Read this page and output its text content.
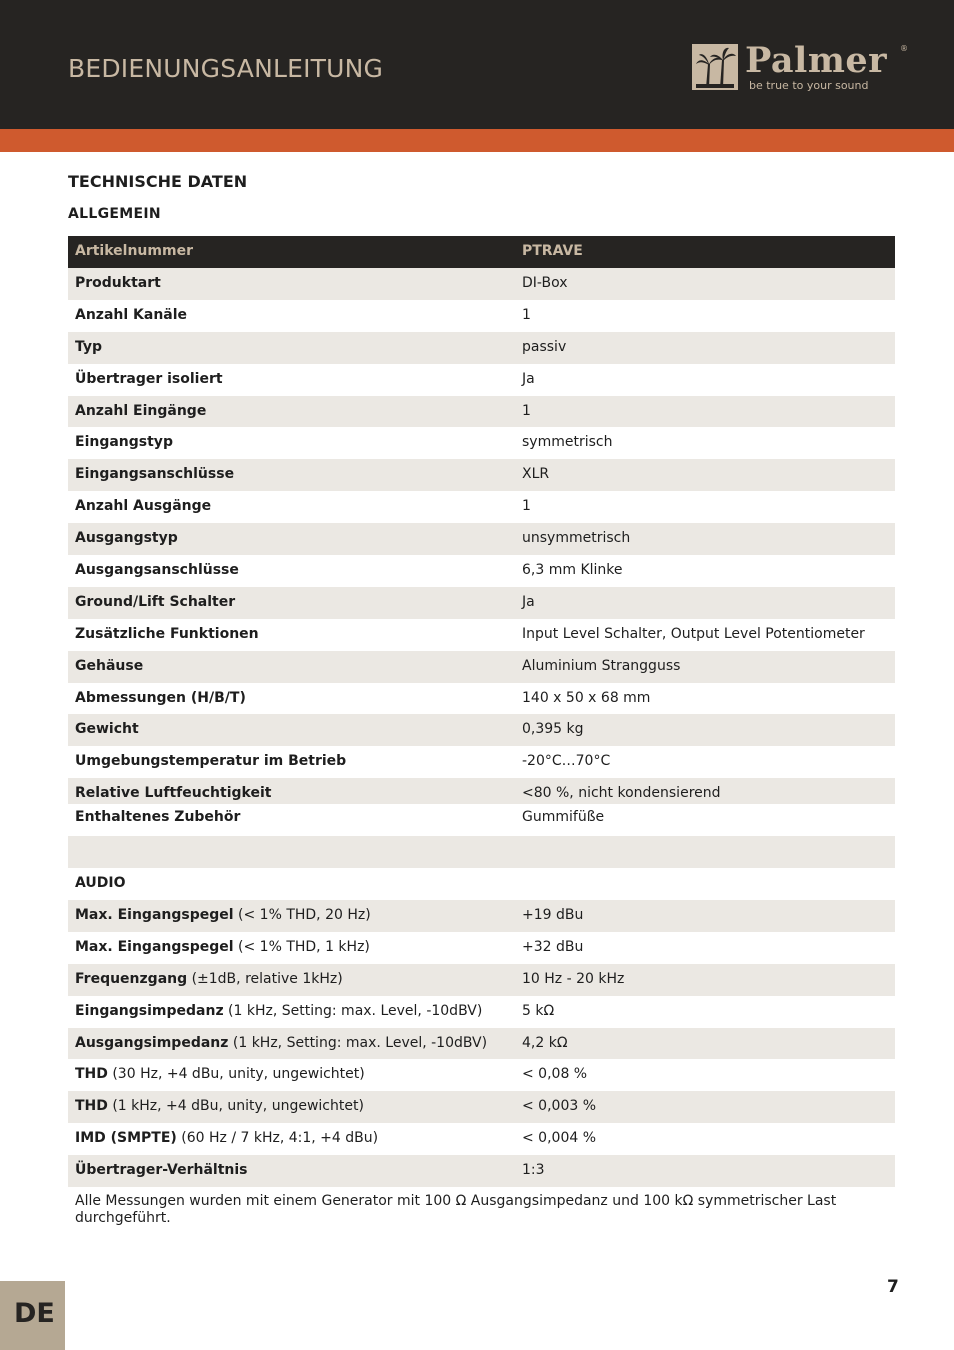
BEDIENUNGSANLEITUNG	Palmer ®
be true to your sound
TECHNISCHE DATEN
ALLGEMEIN
Artikelnummer	PTRAVE
Produktart	DI-Box
Anzahl Kanäle	1
Typ	passiv
Übertrager isoliert	Ja
Anzahl Eingänge	1
Eingangstyp	symmetrisch
Eingangsanschlüsse	XLR
Anzahl Ausgänge	1
Ausgangstyp	unsymmetrisch
Ausgangsanschlüsse	6,3 mm Klinke
Ground/Lift Schalter	Ja
Zusätzliche Funktionen	Input Level Schalter, Output Level Potentiometer
Gehäuse	Aluminium Strangguss
Abmessungen (H/B/T)	140 x 50 x 68 mm
Gewicht	0,395 kg
Umgebungstemperatur im Betrieb	-20°C…70°C
Relative Luftfeuchtigkeit	<80 %, nicht kondensierend
Enthaltenes Zubehör	Gummifüße
AUDIO
Max. Eingangspegel (< 1% THD, 20 Hz)	+19 dBu
Max. Eingangspegel (< 1% THD, 1 kHz)	+32 dBu
Frequenzgang (±1dB, relative 1kHz)	10 Hz - 20 kHz
Eingangsimpedanz (1 kHz, Setting: max. Level, -10dBV)	5 kΩ
Ausgangsimpedanz (1 kHz, Setting: max. Level, -10dBV) 4,2 kΩ
THD (30 Hz, +4 dBu, unity, ungewichtet)	< 0,08 %
THD (1 kHz, +4 dBu, unity, ungewichtet)	< 0,003 %
IMD (SMPTE) (60 Hz / 7 kHz, 4:1, +4 dBu)	< 0,004 %
Übertrager-Verhältnis	1:3
Alle Messungen wurden mit einem Generator mit 100 Ω Ausgangsimpedanz und 100 kΩ symmetrischer Last durchgeführt.
7
DE
